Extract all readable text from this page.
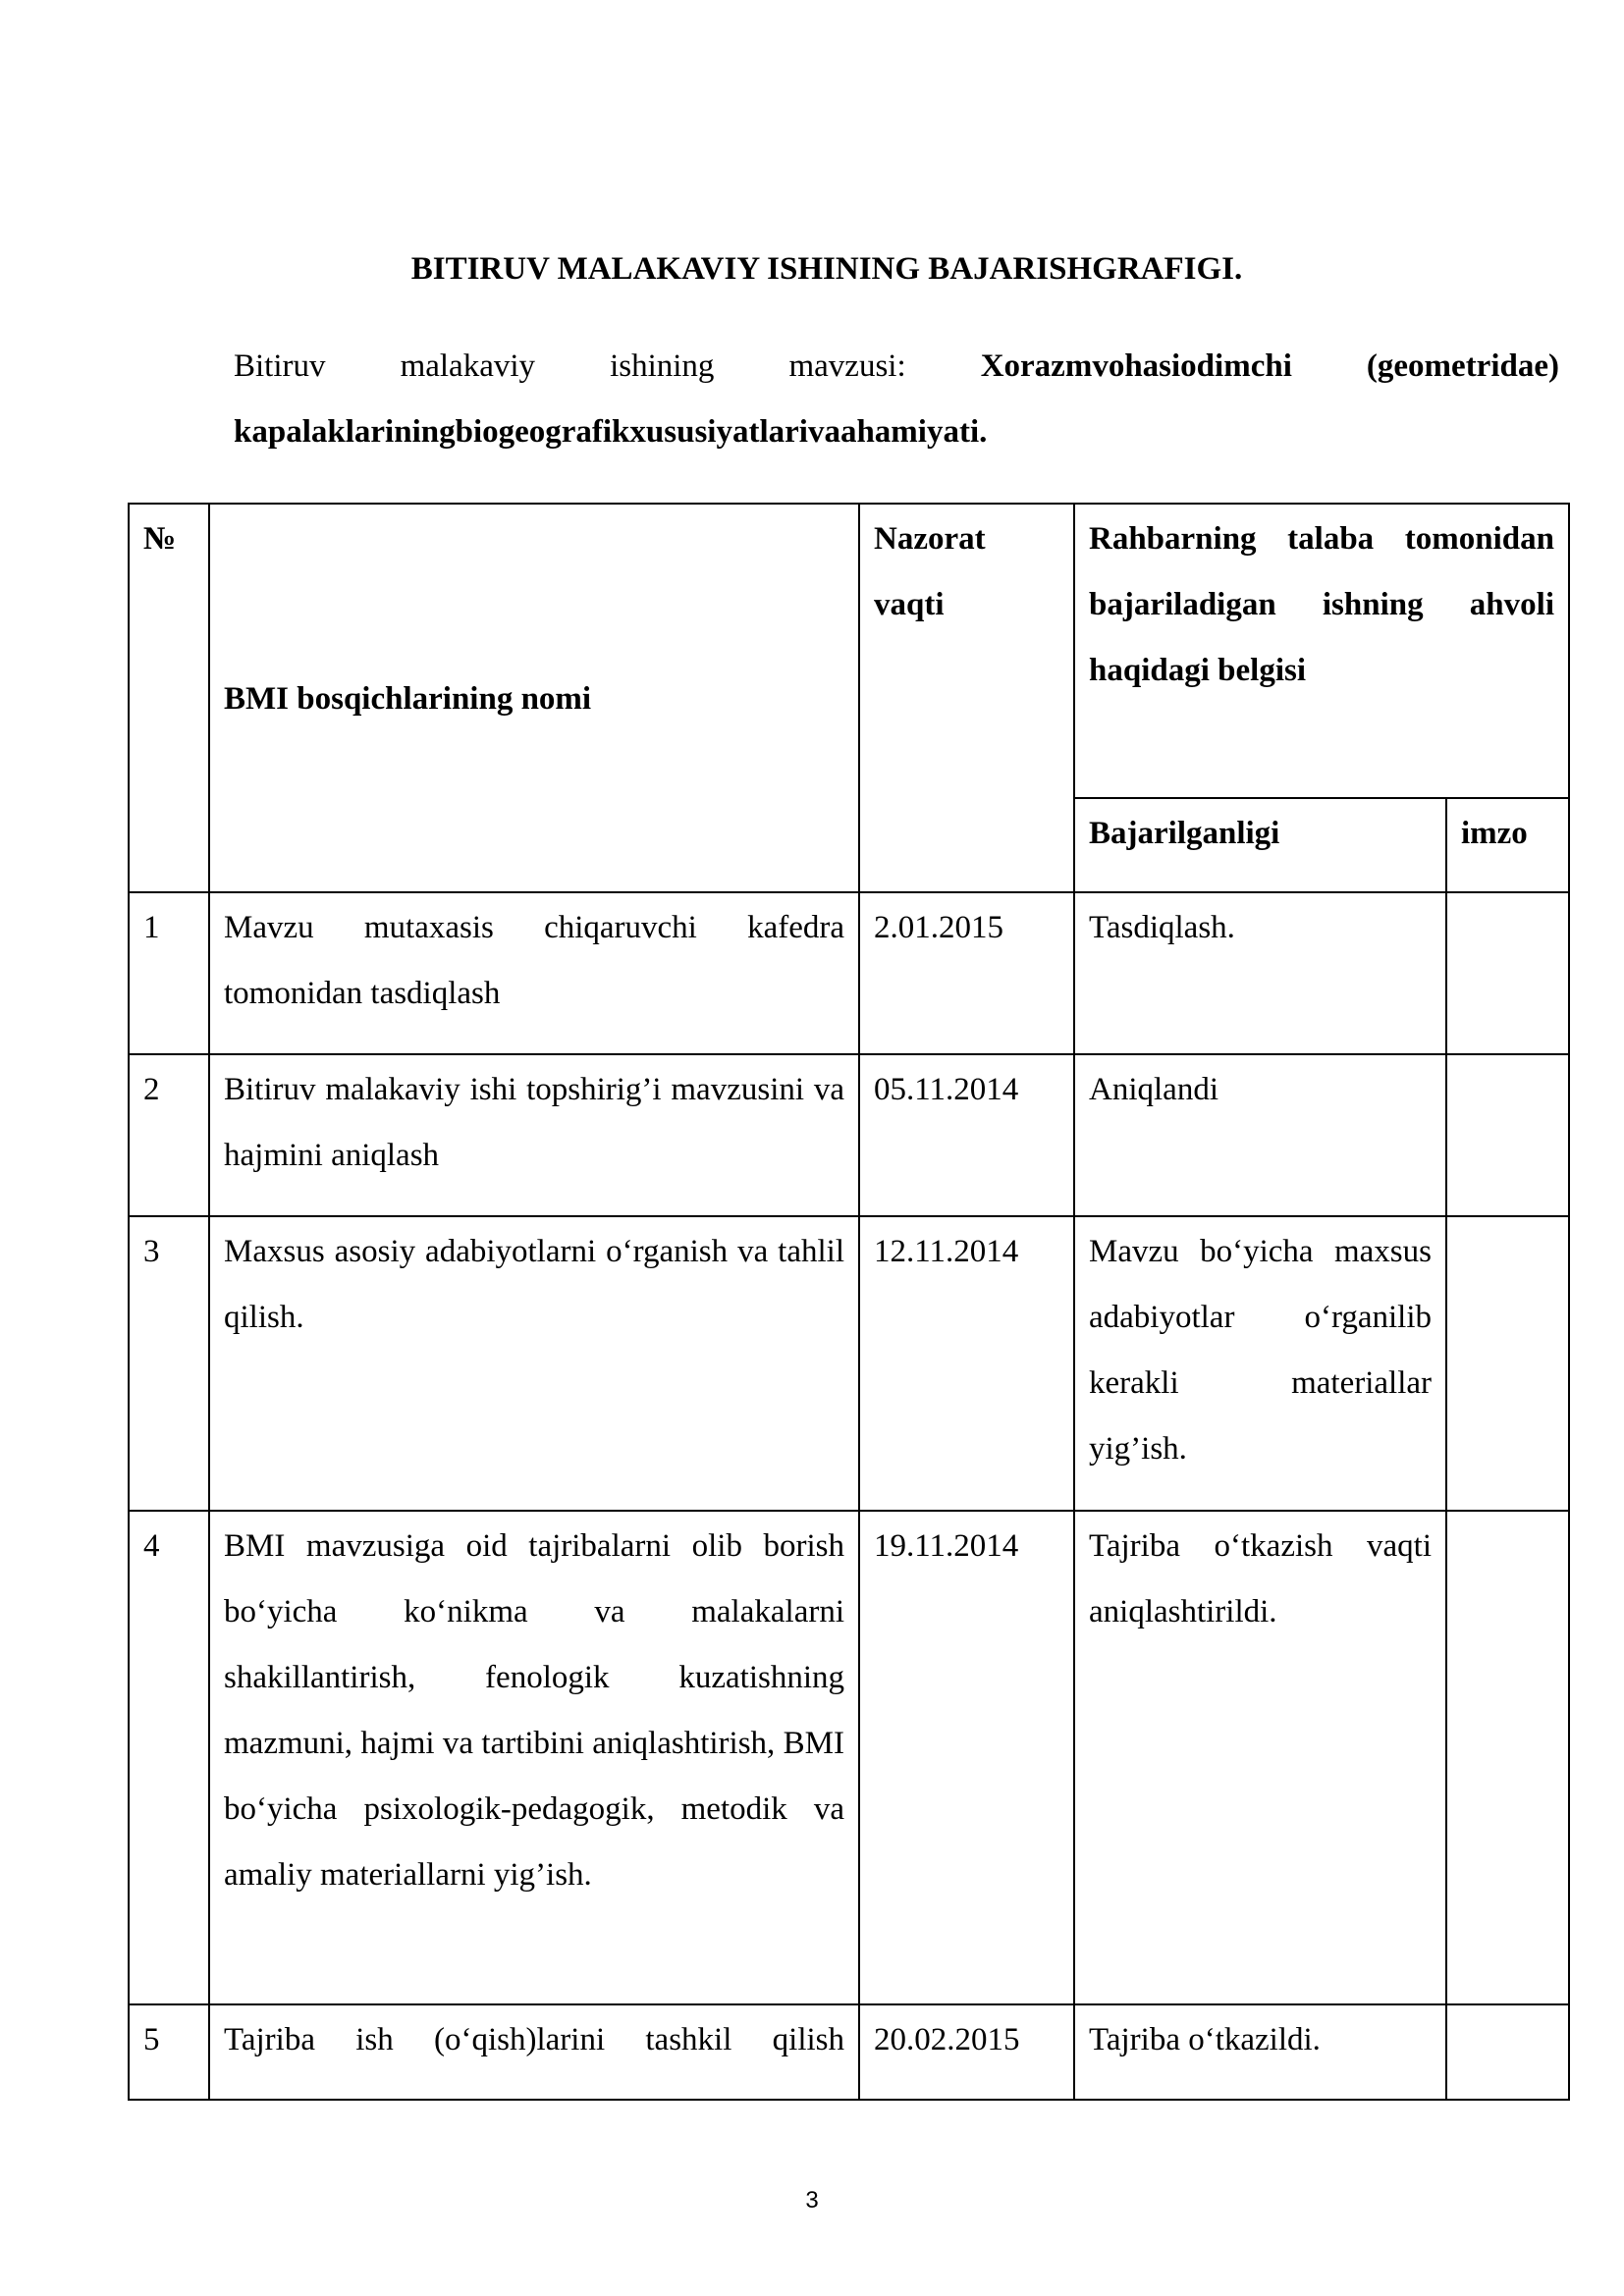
BITIRUV MALAKAVIY ISHINING BAJARISHGRAFIGI.
Bitiruv malakaviy ishining mavzusi: Xorazmvohasiodimchi (geometridae) kapalaklariningbiogeografikxususiyatlarivaahamiyati.
№	BMI bosqichlarining nomi	Nazorat vaqti	Rahbarning talaba tomonidan bajariladigan ishning ahvoli haqidagi belgisi	
			Bajarilganligi	imzo
1	Mavzu mutaxasis chiqaruvchi kafedra tomonidan tasdiqlash	2.01.2015	Tasdiqlash.	
2	Bitiruv malakaviy ishi topshirig’i mavzusini va hajmini aniqlash	05.11.2014	Aniqlandi	
3	Maxsus asosiy adabiyotlarni o‘rganish va tahlil qilish.	12.11.2014	Mavzu bo‘yicha maxsus adabiyotlar o‘rganilib kerakli materiallar yig’ish.	
4	BMI mavzusiga oid tajribalarni olib borish bo‘yicha ko‘nikma va malakalarni shakillantirish, fenologik kuzatishning mazmuni, hajmi va tartibini aniqlashtirish, BMI bo‘yicha psixologik-pedagogik, metodik va amaliy materiallarni yig’ish.	19.11.2014	Tajriba o‘tkazish vaqti aniqlashtirildi.	
5	Tajriba ish (o‘qish)larini tashkil qilish	20.02.2015	Tajriba o‘tkazildi.	
3
